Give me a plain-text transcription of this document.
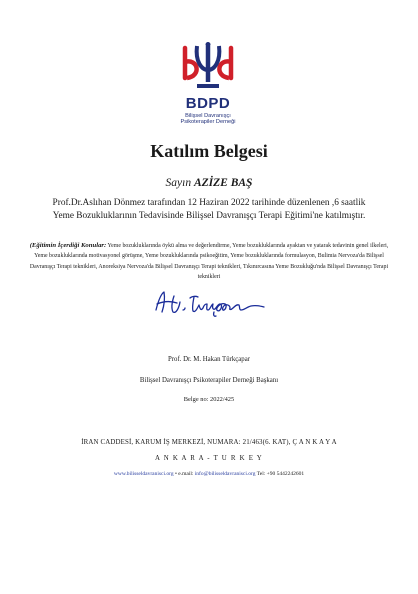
BDPD
Bilişsel Davranışçı
Psikoterapiler Derneği
Katılım Belgesi
Sayın AZİZE BAŞ
Prof.Dr.Aslıhan Dönmez tarafından 12 Haziran 2022 tarihinde düzenlenen ,6 saatlik Yeme Bozukluklarının Tedavisinde Bilişsel Davranışçı Terapi Eğitimi'ne katılmıştır.
(Eğitimin İçerdiği Konular: Yeme bozukluklarında öykü alma ve değerlendirme, Yeme bozukluklarında ayaktan ve yatarak tedavinin genel ilkeleri, Yeme bozukluklarında motivasyonel görüşme, Yeme bozukluklarında psikoeğitim, Yeme bozukluklarında formulasyon, Bulimia Nervoza'da Bilişsel Davranışçı Terapi teknikleri, Anoreksiya Nervoza'da Bilişsel Davranışçı Terapi teknikleri, Tıkınırcasına Yeme Bozukluğu'nda Bilişsel Davranışçı Terapi teknikleri
Prof. Dr. M. Hakan Türkçapar
Bilişsel Davranışçı Psikoterapiler Derneği Başkanı
Belge no: 2022/425
İRAN CADDESİ, KARUM İŞ MERKEZİ, NUMARA: 21/463(6. KAT), Ç A N K A Y A
A N K A R A - T U R K E Y
www.bilisseldavranisci.org • e.mail: info@bilisseldavranisci.org Tel: +90 5442242601
